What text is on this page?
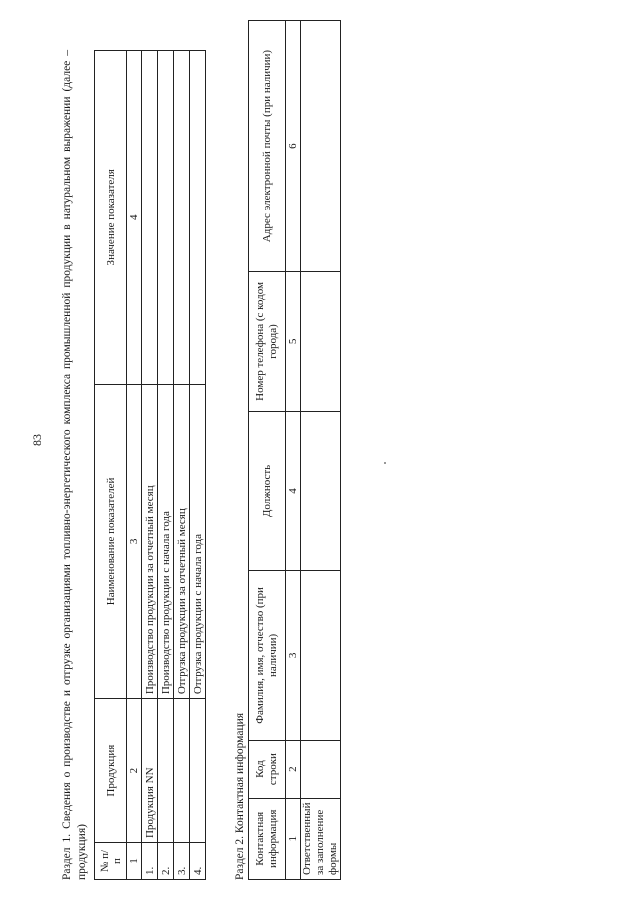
83 Раздел 1. Сведения о производстве и отгрузке организациями топливно-энергетического комплекса промышленной продукции в натуральном выражении (далее – продукция) № п/п	Продукция	Наименование показателей	Значение показателя
1	2	3	4
1.	Продукция NN	Производство продукции за отчетный месяц	
2.		Производство продукции с начала года	
3.		Отгрузка продукции за отчетный месяц	
4.		Отгрузка продукции с начала года	

Раздел 2. Контактная информация Контактная информация	Код строки	Фамилия, имя, отчество (при наличии)	Должность	Номер телефона (с кодом города)	Адрес электронной почты (при наличии)
1	2	3	4	5	6
Ответственный за заполнение формы					
